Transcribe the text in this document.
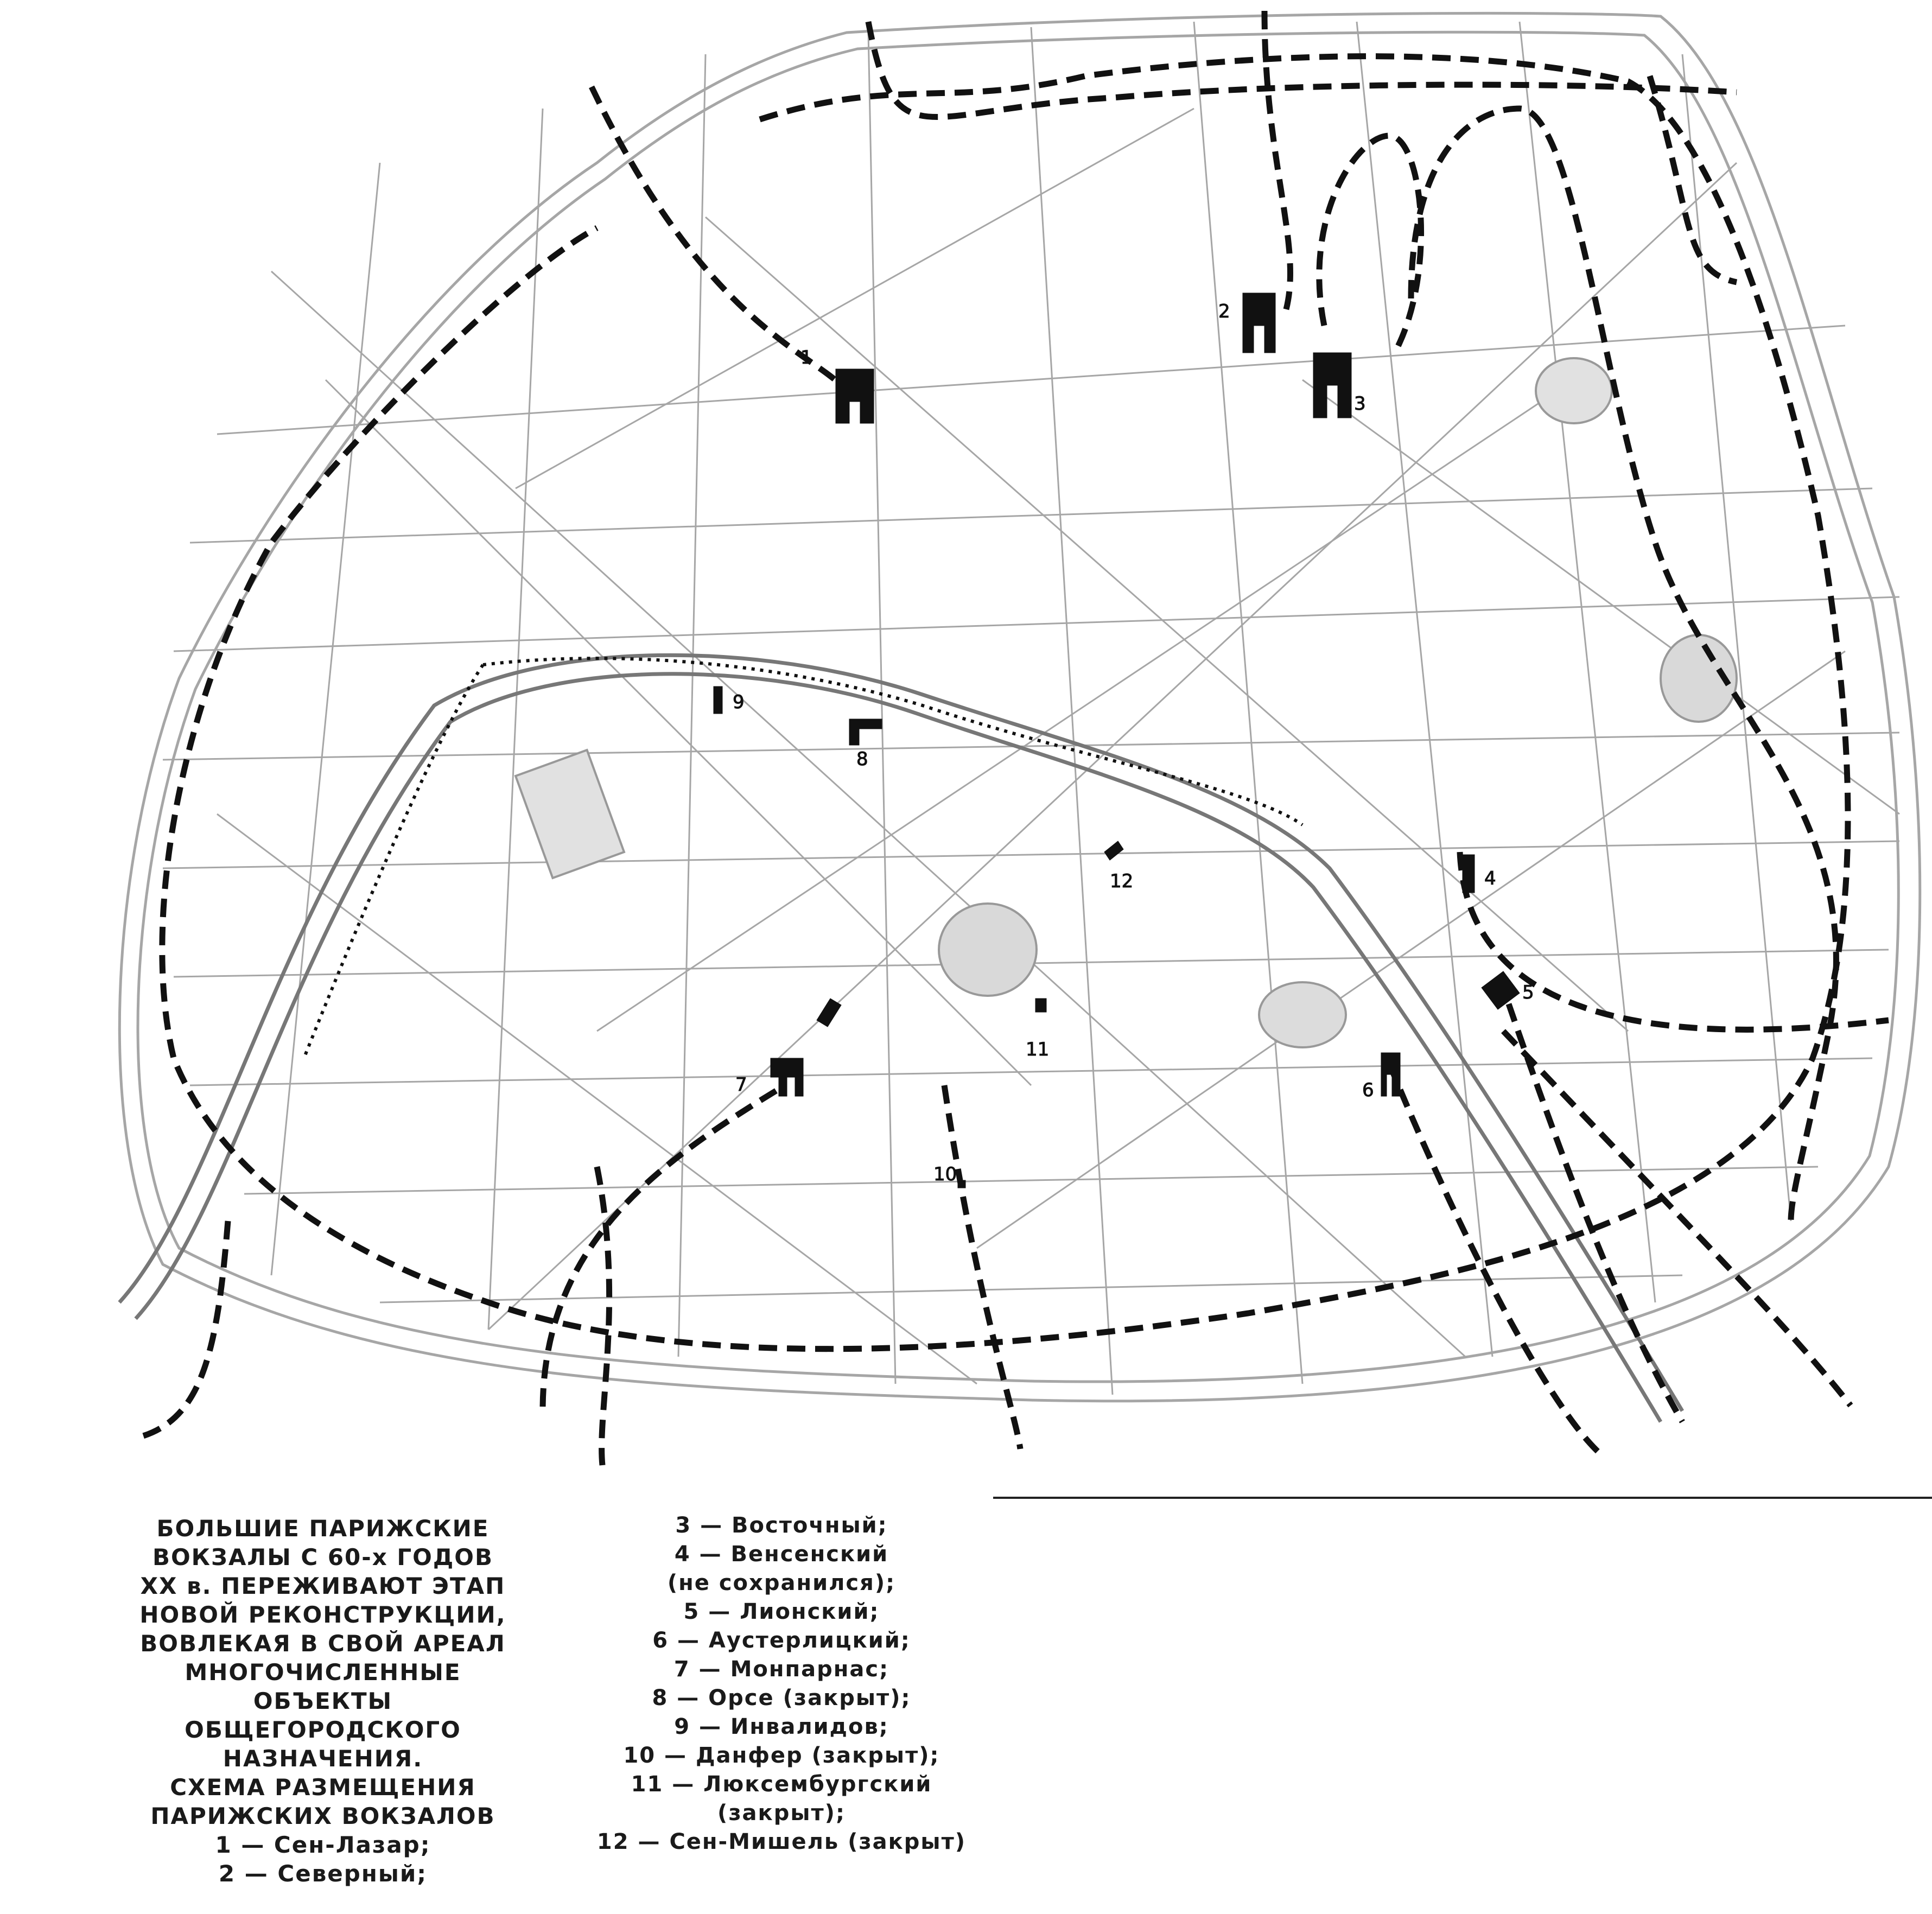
1
2
3
4
5
6
7
8
9
10
11
12
БОЛЬШИЕ ПАРИЖСКИЕ
ВОКЗАЛЫ С 60-х ГОДОВ
XX в. ПЕРЕЖИВАЮТ ЭТАП
НОВОЙ РЕКОНСТРУКЦИИ,
ВОВЛЕКАЯ В СВОЙ АРЕАЛ
МНОГОЧИСЛЕННЫЕ
ОБЪЕКТЫ
ОБЩЕГОРОДСКОГО
НАЗНАЧЕНИЯ.
СХЕМА РАЗМЕЩЕНИЯ
ПАРИЖСКИХ ВОКЗАЛОВ
1 — Сен-Лазар;
2 — Северный;
3 — Восточный;
4 — Венсенский
(не сохранился);
5 — Лионский;
6 — Аустерлицкий;
7 — Монпарнас;
8 — Орсе (закрыт);
9 — Инвалидов;
10 — Данфер (закрыт);
11 — Люксембургский
(закрыт);
12 — Сен-Мишель (закрыт)
